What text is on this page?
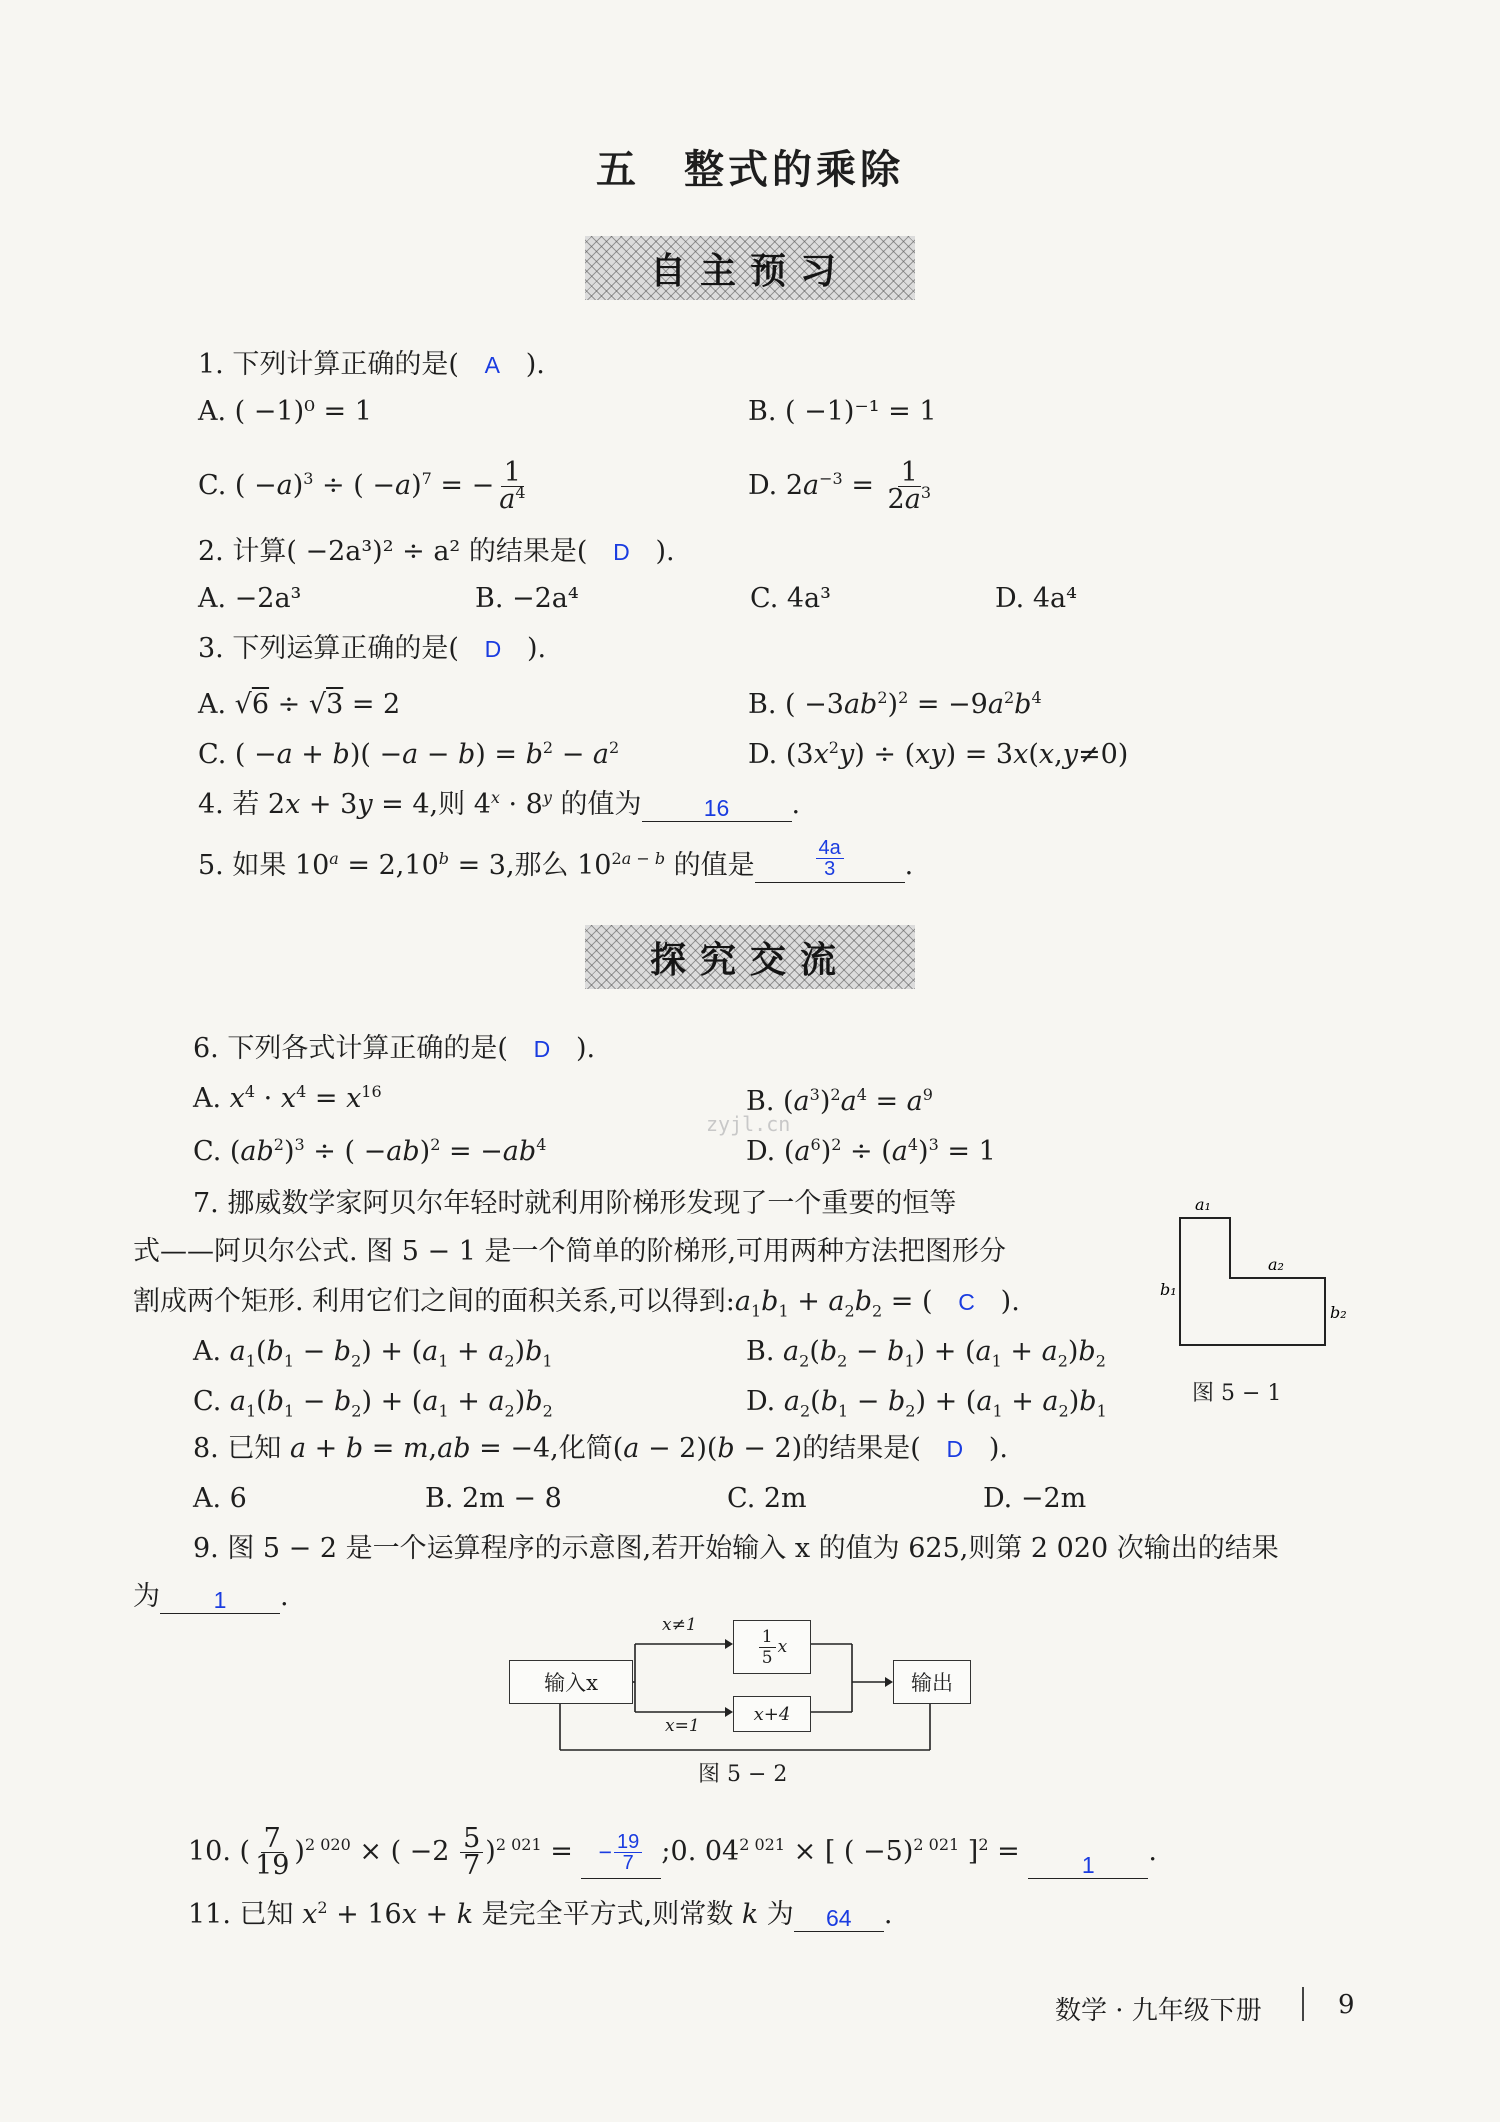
五　整式的乘除
自主预习
1. 下列计算正确的是( A ).
A. ( −1)⁰ = 1	B. ( −1)⁻¹ = 1
C. ( −a)$^3$ ÷ ( −a)$^7$ = − $\frac{1}{a^4}$	D. $2a^{-3} = \frac{1}{2a^3}$
2. 计算( −2a³)² ÷ a² 的结果是( D ).
A. −2a³	B. −2a⁴	C. 4a³	D. 4a⁴
3. 下列运算正确的是( D ).
A. √6 ÷ √3 = 2	B. ( $-3ab^2)^2 = -9a^2b^4$
C. ( $-a + b)( -a - b) = b^2 - a^2$	D. $(3x^2y) \div (xy) = 3x(x,y\ne 0)$
4. 若 2x + 3y = 4,则 $4^x \cdot 8^y$ 的值为	16 .
5. 如果 $10^a = 2,10^b = 3$,那么 $10^{2a - b}$ 的值是	$\frac{4a}{3}$ .
探究交流
6. 下列各式计算正确的是( D ).
A. $x^4 \cdot x^4 = x^{16}$	B. $(a^3)^2a^4 = a^9$
zyjl.cn
C. $(ab^2)^3$ ÷ ( $-ab)^2 = -ab^4$	D. $(a^6)^2 \div (a^4)^3 = 1$
7. 挪威数学家阿贝尔年轻时就利用阶梯形发现了一个重要的恒等
式——阿贝尔公式. 图 5 − 1 是一个简单的阶梯形,可用两种方法把图形分
割成两个矩形. 利用它们之间的面积关系,可以得到$:a_1b_1 + a_2b_2$ = (   C   ).
A. $a_1(b_1 - b_2) + (a_1 + a_2)b_1$	B. $a_2(b_2 - b_1) + (a_1 + a_2)b_2$
C. $a_1(b_1 - b_2) + (a_1 + a_2)b_2$	D. $a_2(b_1 - b_2) + (a_1 + a_2)b_1$
a₁
a₂
b₁
b₂
图 5 − 1
8. 已知 a + b = m,ab = −4,化简(a − 2)(b − 2)的结果是(   D   ).
A. 6	B. 2m − 8	C. 2m	D. −2m
9. 图 5 − 2 是一个运算程序的示意图,若开始输入 x 的值为 625,则第 2 020 次输出的结果
为 1 .
输入x	输出
$\frac{1}{5}$ x
x+4
x≠1
x=1
图 5 − 2
10. ( $\frac{7}{19} )^{2 020}$ × ( $-2 \frac{5}{7} )^{2 021}$ = − $\frac{19}{7}$ ;0. $04^{2 021}$ × [ ( −5)$^{2 021}$ ]$^2$ = 1 .
11. 已知 $x^2 + 16x + k$ 是完全平方式,则常数 k 为 64 .
数学 · 九年级下册	9
